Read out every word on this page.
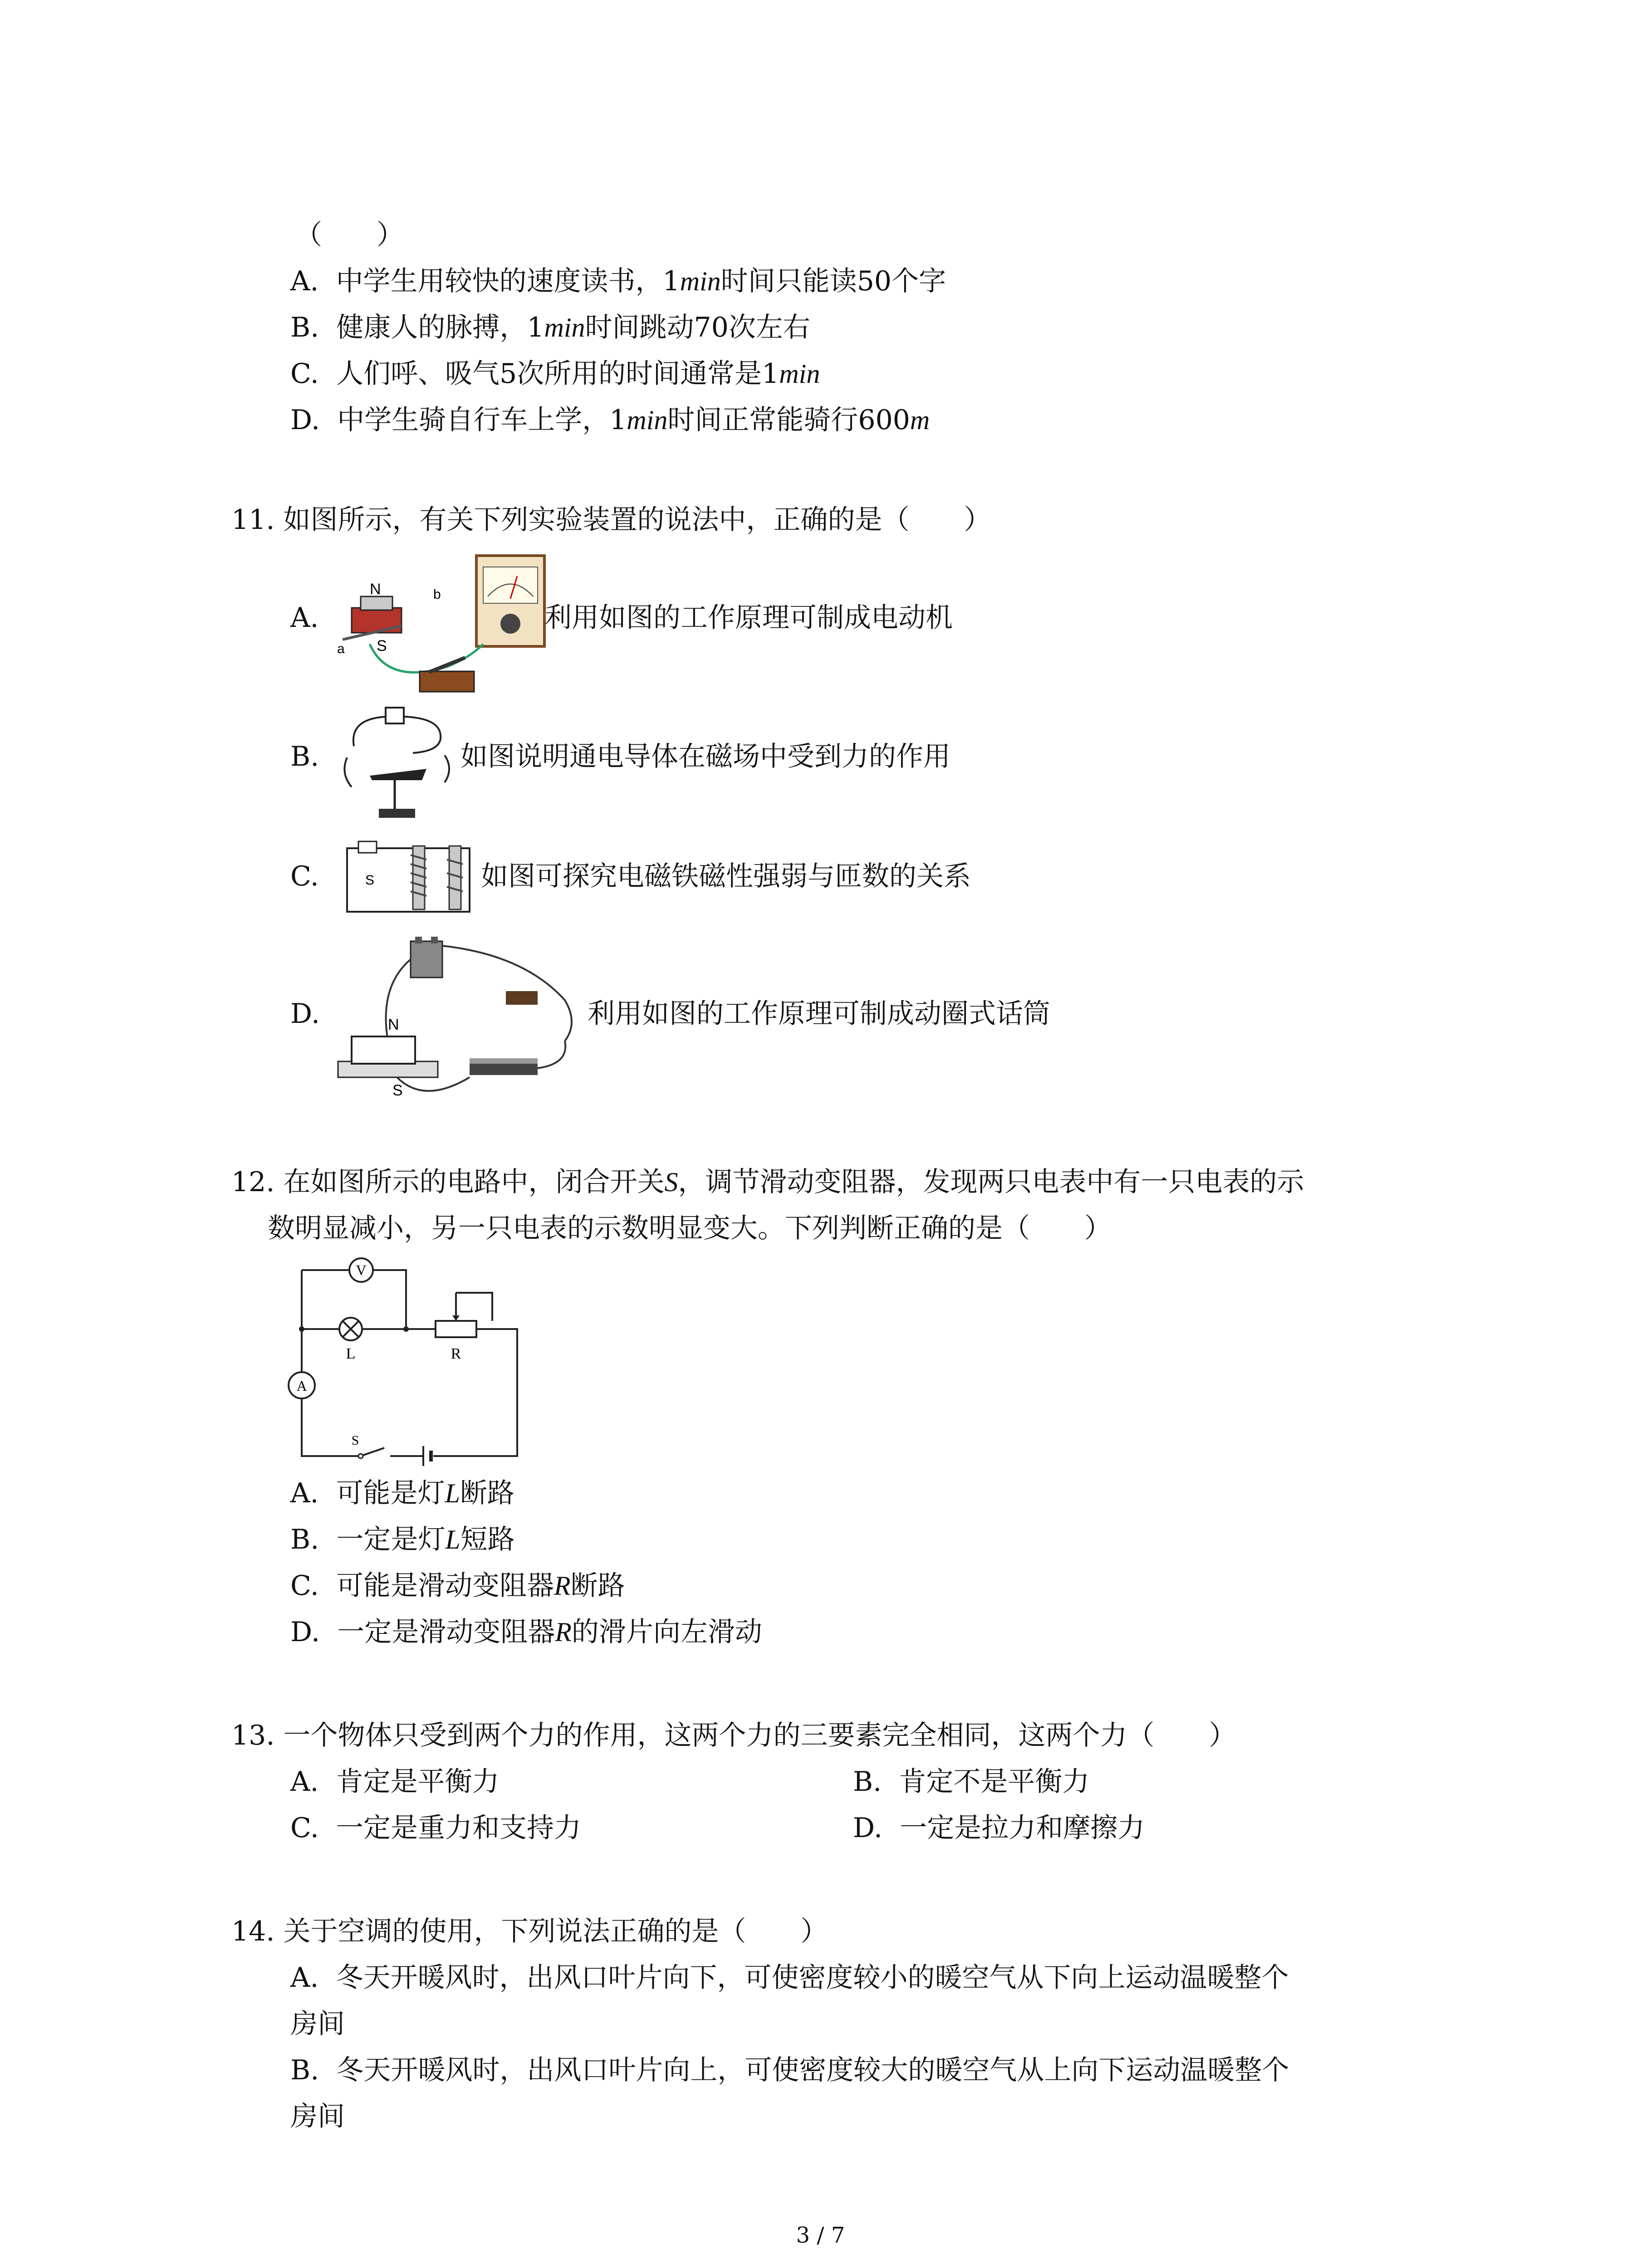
（　　）
A. 中学生用较快的速度读书，1min时间只能读50个字
B. 健康人的脉搏，1min时间跳动70次左右
C. 人们呼、吸气5次所用的时间通常是1min
D. 中学生骑自行车上学，1min时间正常能骑行600m
11. 如图所示，有关下列实验装置的说法中，正确的是（　　）
A.
N
S
a
b
利用如图的工作原理可制成电动机
B.	如图说明通电导体在磁场中受到力的作用
C.	S	如图可探究电磁铁磁性强弱与匝数的关系
D.	N
S
利用如图的工作原理可制成动圈式话筒
12. 在如图所示的电路中，闭合开关S，调节滑动变阻器，发现两只电表中有一只电表的示
数明显减小，另一只电表的示数明显变大。下列判断正确的是（　　）
V
A
L	R
S
A. 可能是灯L断路
B. 一定是灯L短路
C. 可能是滑动变阻器R断路
D. 一定是滑动变阻器R的滑片向左滑动
13. 一个物体只受到两个力的作用，这两个力的三要素完全相同，这两个力（　　）
A. 肯定是平衡力	B. 肯定不是平衡力
C. 一定是重力和支持力	D. 一定是拉力和摩擦力
14. 关于空调的使用，下列说法正确的是（　　）
A. 冬天开暖风时，出风口叶片向下，可使密度较小的暖空气从下向上运动温暖整个
房间
B. 冬天开暖风时，出风口叶片向上，可使密度较大的暖空气从上向下运动温暖整个
房间
3 / 7
